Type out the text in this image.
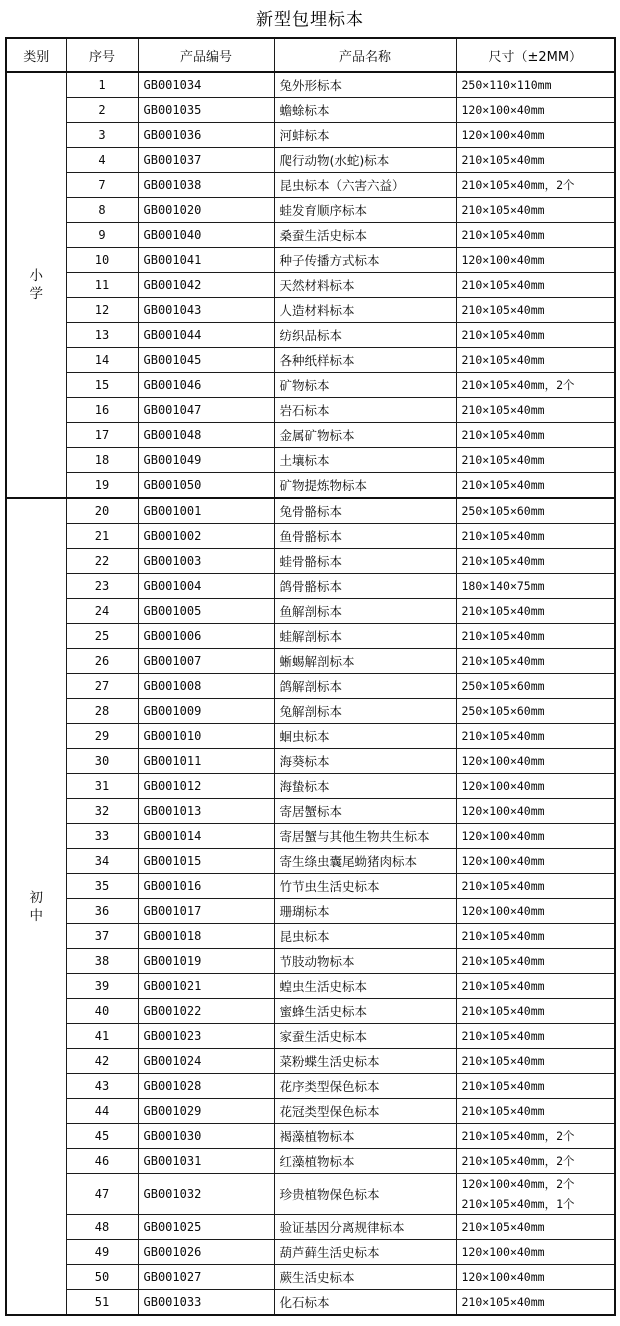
新型包埋标本
类别	序号	产品编号	产品名称	尺寸（±2MM）

小
学	1	GB001034	兔外形标本	250×110×110mm

	2	GB001035	蟾蜍标本	120×100×40mm

	3	GB001036	河蚌标本	120×100×40mm

	4	GB001037	爬行动物(水蛇)标本	210×105×40mm

	7	GB001038	昆虫标本（六害六益）	210×105×40mm，2个

	8	GB001020	蛙发育顺序标本	210×105×40mm

	9	GB001040	桑蚕生活史标本	210×105×40mm

	10	GB001041	种子传播方式标本	120×100×40mm

	11	GB001042	天然材料标本	210×105×40mm

	12	GB001043	人造材料标本	210×105×40mm

	13	GB001044	纺织品标本	210×105×40mm

	14	GB001045	各种纸样标本	210×105×40mm

	15	GB001046	矿物标本	210×105×40mm，2个

	16	GB001047	岩石标本	210×105×40mm

	17	GB001048	金属矿物标本	210×105×40mm

	18	GB001049	土壤标本	210×105×40mm

	19	GB001050	矿物提炼物标本	210×105×40mm

初
中	20	GB001001	兔骨骼标本	250×105×60mm

	21	GB001002	鱼骨骼标本	210×105×40mm

	22	GB001003	蛙骨骼标本	210×105×40mm

	23	GB001004	鸽骨骼标本	180×140×75mm

	24	GB001005	鱼解剖标本	210×105×40mm

	25	GB001006	蛙解剖标本	210×105×40mm

	26	GB001007	蜥蜴解剖标本	210×105×40mm

	27	GB001008	鸽解剖标本	250×105×60mm

	28	GB001009	兔解剖标本	250×105×60mm

	29	GB001010	蛔虫标本	210×105×40mm

	30	GB001011	海葵标本	120×100×40mm

	31	GB001012	海蛰标本	120×100×40mm

	32	GB001013	寄居蟹标本	120×100×40mm

	33	GB001014	寄居蟹与其他生物共生标本	120×100×40mm

	34	GB001015	寄生绦虫囊尾蚴猪肉标本	120×100×40mm

	35	GB001016	竹节虫生活史标本	210×105×40mm

	36	GB001017	珊瑚标本	120×100×40mm

	37	GB001018	昆虫标本	210×105×40mm

	38	GB001019	节肢动物标本	210×105×40mm

	39	GB001021	蝗虫生活史标本	210×105×40mm

	40	GB001022	蜜蜂生活史标本	210×105×40mm

	41	GB001023	家蚕生活史标本	210×105×40mm

	42	GB001024	菜粉蝶生活史标本	210×105×40mm

	43	GB001028	花序类型保色标本	210×105×40mm

	44	GB001029	花冠类型保色标本	210×105×40mm

	45	GB001030	褐藻植物标本	210×105×40mm，2个

	46	GB001031	红藻植物标本	210×105×40mm，2个

	47	GB001032	珍贵植物保色标本	120×100×40mm，2个
210×105×40mm，1个

	48	GB001025	验证基因分离规律标本	210×105×40mm

	49	GB001026	葫芦藓生活史标本	120×100×40mm

	50	GB001027	蕨生活史标本	120×100×40mm

	51	GB001033	化石标本	210×105×40mm
